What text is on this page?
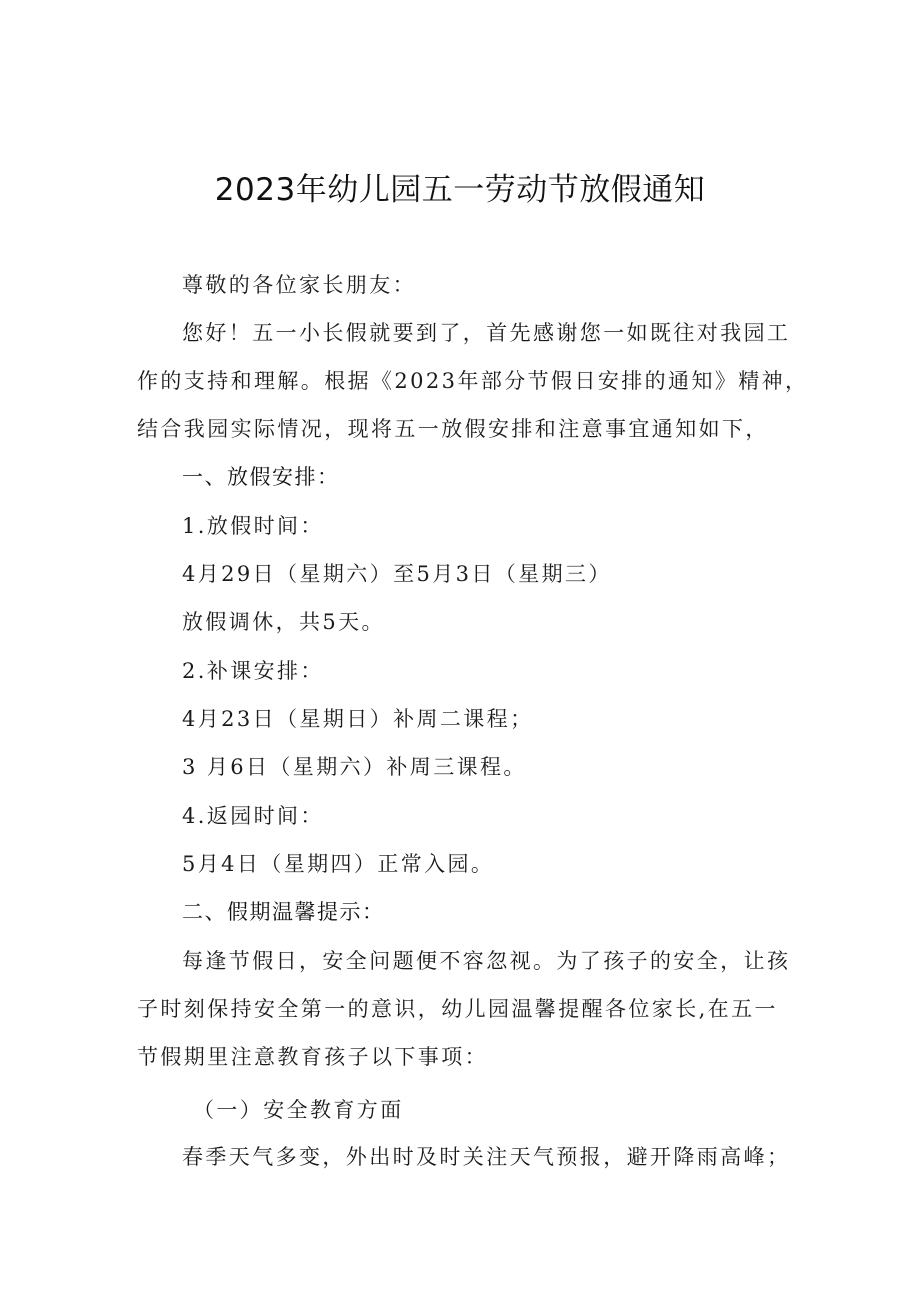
2023年幼儿园五一劳动节放假通知
尊敬的各位家长朋友：
您好！五一小长假就要到了，首先感谢您一如既往对我园工
作的支持和理解。根据《2023年部分节假日安排的通知》精神，
结合我园实际情况，现将五一放假安排和注意事宜通知如下，
一、放假安排：
1.放假时间：
4月29日（星期六）至5月3日（星期三）
放假调休，共5天。
2.补课安排：
4月23日（星期日）补周二课程；
3 月6日（星期六）补周三课程。
4.返园时间：
5月4日（星期四）正常入园。
二、假期温馨提示：
每逢节假日，安全问题便不容忽视。为了孩子的安全，让孩
子时刻保持安全第一的意识，幼儿园温馨提醒各位家长,在五一
节假期里注意教育孩子以下事项：
（一）安全教育方面
春季天气多变，外出时及时关注天气预报，避开降雨高峰；
